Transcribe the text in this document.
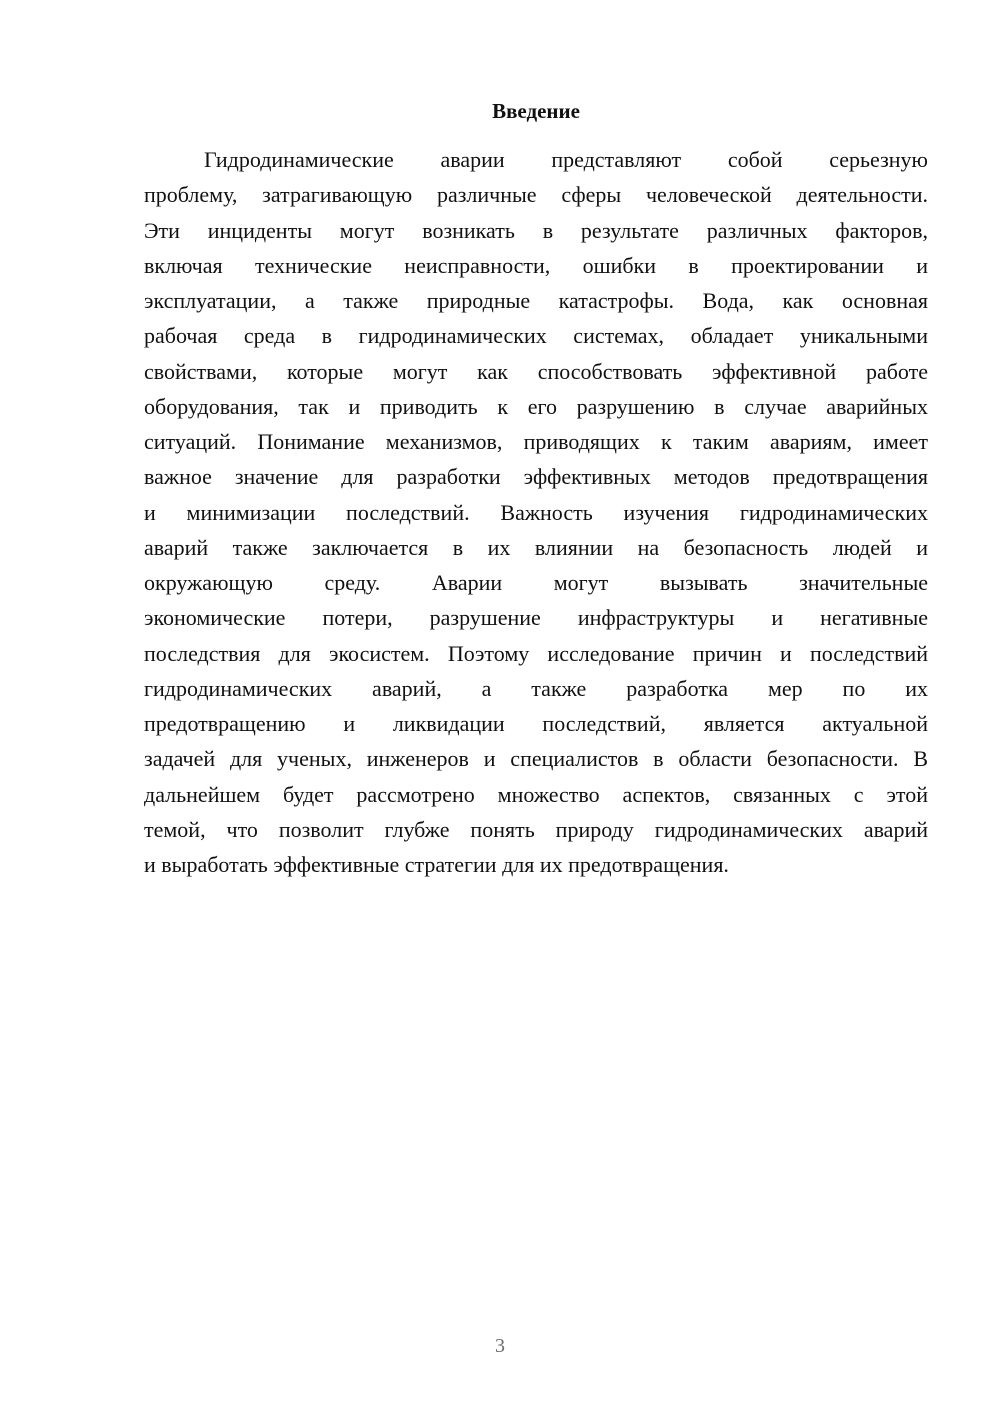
Введение
Гидродинамические аварии представляют собой серьезную
проблему, затрагивающую различные сферы человеческой деятельности.
Эти инциденты могут возникать в результате различных факторов,
включая технические неисправности, ошибки в проектировании и
эксплуатации, а также природные катастрофы. Вода, как основная
рабочая среда в гидродинамических системах, обладает уникальными
свойствами, которые могут как способствовать эффективной работе
оборудования, так и приводить к его разрушению в случае аварийных
ситуаций. Понимание механизмов, приводящих к таким авариям, имеет
важное значение для разработки эффективных методов предотвращения
и минимизации последствий. Важность изучения гидродинамических
аварий также заключается в их влиянии на безопасность людей и
окружающую среду. Аварии могут вызывать значительные
экономические потери, разрушение инфраструктуры и негативные
последствия для экосистем. Поэтому исследование причин и последствий
гидродинамических аварий, а также разработка мер по их
предотвращению и ликвидации последствий, является актуальной
задачей для ученых, инженеров и специалистов в области безопасности. В
дальнейшем будет рассмотрено множество аспектов, связанных с этой
темой, что позволит глубже понять природу гидродинамических аварий
и выработать эффективные стратегии для их предотвращения.
3
